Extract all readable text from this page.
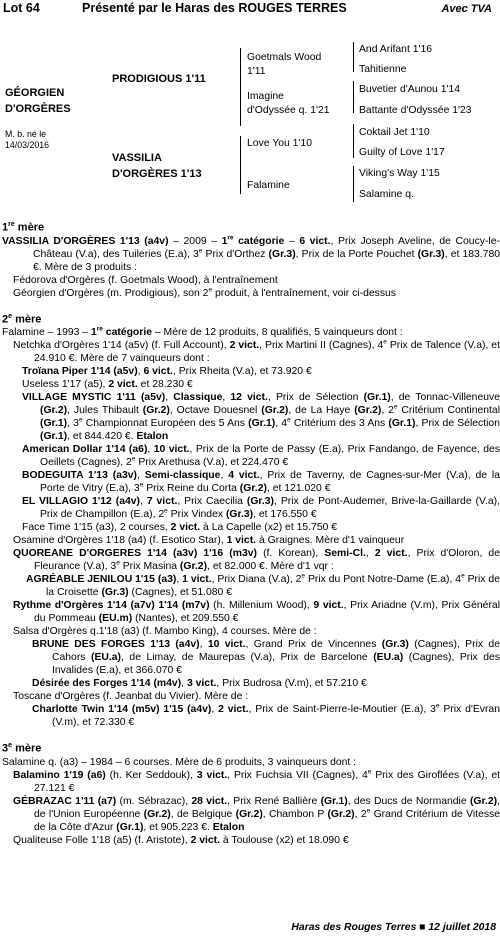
Lot 64	Présenté par le Haras des ROUGES TERRES	Avec TVA
GÉORGIEN
D'ORGÈRES
M. b. né le
14/03/2016
PRODIGIOUS 1'11
VASSILIA
D'ORGÈRES 1'13
Goetmals Wood
1'11
Imagine
d'Odyssée q. 1'21
Love You 1'10
Falamine
And Arifant 1'16
Tahitienne
Buvetier d'Aunou 1'14
Battante d'Odyssée 1'23
Coktail Jet 1'10
Guilty of Love 1'17
Viking's Way 1'15
Salamine q.
1re mère
VASSILIA D'ORGÈRES 1'13 (a4v) – 2009 – 1re catégorie – 6 vict., Prix Joseph Aveline, de Coucy-le-Château (V.a), des Tuileries (E.a), 3e Prix d'Orthez (Gr.3), Prix de la Porte Pouchet (Gr.3), et 183.780 €. Mère de 3 produits :
Fédorova d'Orgères (f. Goetmals Wood), à l'entraînement
Géorgien d'Orgères (m. Prodigious), son 2e produit, à l'entraînement, voir ci-dessus
2e mère
Falamine – 1993 – 1re catégorie – Mère de 12 produits, 8 qualifiés, 5 vainqueurs dont :
Netchka d'Orgères 1'14 (a5v) (f. Full Account), 2 vict., Prix Martini II (Cagnes), 4e Prix de Talence (V.a), et 24.910 €. Mère de 7 vainqueurs dont :
Troïana Piper 1'14 (a5v), 6 vict., Prix Rheita (V.a), et 73.920 €
Useless 1'17 (a5), 2 vict. et 28.230 €
VILLAGE MYSTIC 1'11 (a5v), Classique, 12 vict., Prix de Sélection (Gr.1), de Tonnac-Villeneuve (Gr.2), Jules Thibault (Gr.2), Octave Douesnel (Gr.2), de La Haye (Gr.2), 2e Critérium Continental (Gr.1), 3e Championnat Européen des 5 Ans (Gr.1), 4e Critérium des 3 Ans (Gr.1), Prix de Sélection (Gr.1), et 844.420 €. Etalon
American Dollar 1'14 (a6), 10 vict., Prix de la Porte de Passy (E.a), Prix Fandango, de Fayence, des Oeillets (Cagnes), 2e Prix Arethusa (V.a), et 224.470 €
BODEGUITA 1'13 (a3v), Semi-classique, 4 vict., Prix de Taverny, de Cagnes-sur-Mer (V.a), de la Porte de Vitry (E.a), 3e Prix Reine du Corta (Gr.2), et 121.020 €
EL VILLAGIO 1'12 (a4v), 7 vict., Prix Caecilia (Gr.3), Prix de Pont-Audemer, Brive-la-Gaillarde (V.a), Prix de Champillon (E.a), 2e Prix Vindex (Gr.3), et 176.550 €
Face Time 1'15 (a3), 2 courses, 2 vict. à La Capelle (x2) et 15.750 €
Osamine d'Orgères 1'18 (a4) (f. Esotico Star), 1 vict. à Graignes. Mère d'1 vainqueur
QUOREANE D'ORGERES 1'14 (a3v) 1'16 (m3v) (f. Korean), Semi-Cl., 2 vict., Prix d'Oloron, de Fleurance (V.a), 3e Prix Masina (Gr.2), et 82.000 €. Mère d'1 vqr :
AGRÉABLE JENILOU 1'15 (a3), 1 vict., Prix Diana (V.a), 2e Prix du Pont Notre-Dame (E.a), 4e Prix de la Croisette (Gr.3) (Cagnes), et 51.080 €
Rythme d'Orgères 1'14 (a7v) 1'14 (m7v) (h. Millenium Wood), 9 vict., Prix Ariadne (V.m), Prix Général du Pommeau (EU.m) (Nantes), et 209.550 €
Salsa d'Orgères q.1'18 (a3) (f. Mambo King), 4 courses. Mère de :
BRUNE DES FORGES 1'13 (a4v), 10 vict., Grand Prix de Vincennes (Gr.3) (Cagnes), Prix de Cahors (EU.a), de Limay, de Maurepas (V.a), Prix de Barcelone (EU.a) (Cagnes), Prix des Invalides (E.a), et 366.070 €
Désirée des Forges 1'14 (m4v), 3 vict., Prix Budrosa (V.m), et 57.210 €
Toscane d'Orgères (f. Jeanbat du Vivier). Mère de :
Charlotte Twin 1'14 (m5v) 1'15 (a4v), 2 vict., Prix de Saint-Pierre-le-Moutier (E.a), 3e Prix d'Evran (V.m), et 72.330 €
3e mère
Salamine q. (a3) – 1984 – 6 courses. Mère de 6 produits, 3 vainqueurs dont :
Balamino 1'19 (a6) (h. Ker Seddouk), 3 vict., Prix Fuchsia VII (Cagnes), 4e Prix des Giroflées (V.a), et 27.121 €
GÉBRAZAC 1'11 (a7) (m. Sébrazac), 28 vict., Prix René Ballière (Gr.1), des Ducs de Normandie (Gr.2), de l'Union Européenne (Gr.2), de Belgique (Gr.2), Chambon P (Gr.2), 2e Grand Critérium de Vitesse de la Côte d'Azur (Gr.1), et 905.223 €. Etalon
Qualiteuse Folle 1'18 (a5) (f. Aristote), 2 vict. à Toulouse (x2) et 18.090 €
Haras des Rouges Terres ■ 12 juillet 2018
